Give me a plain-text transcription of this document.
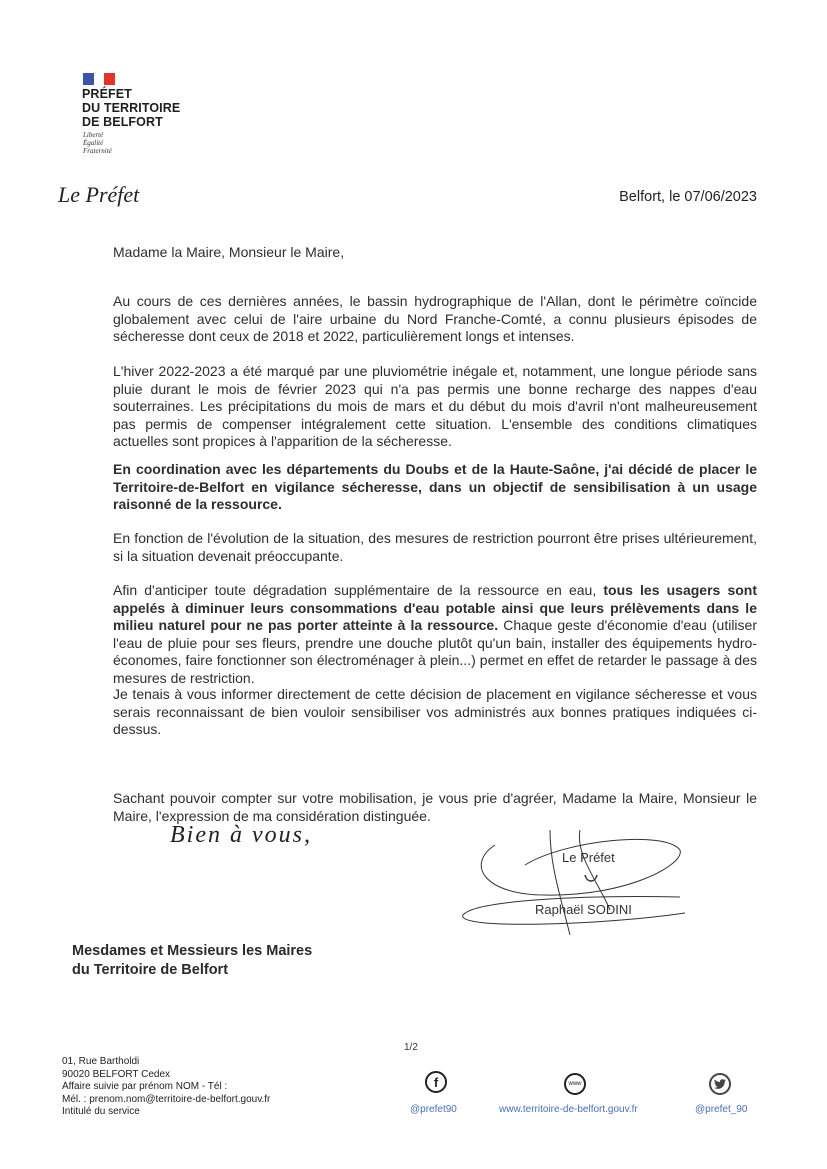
PRÉFET
DU TERRITOIRE
DE BELFORT
Liberté
Égalité
Fraternité
Le Préfet	Belfort, le 07/06/2023
Madame la Maire, Monsieur le Maire,
Au cours de ces dernières années, le bassin hydrographique de l'Allan, dont le périmètre coïncide globalement avec celui de l'aire urbaine du Nord Franche-Comté, a connu plusieurs épisodes de sécheresse dont ceux de 2018 et 2022, particulièrement longs et intenses.
L'hiver 2022-2023 a été marqué par une pluviométrie inégale et, notamment, une longue période sans pluie durant le mois de février 2023 qui n'a pas permis une bonne recharge des nappes d'eau souterraines. Les précipitations du mois de mars et du début du mois d'avril n'ont malheureusement pas permis de compenser intégralement cette situation. L'ensemble des conditions climatiques actuelles sont propices à l'apparition de la sécheresse.
En coordination avec les départements du Doubs et de la Haute-Saône, j'ai décidé de placer le Territoire-de-Belfort en vigilance sécheresse, dans un objectif de sensibilisation à un usage raisonné de la ressource.
En fonction de l'évolution de la situation, des mesures de restriction pourront être prises ultérieurement, si la situation devenait préoccupante.
Afin d'anticiper toute dégradation supplémentaire de la ressource en eau, tous les usagers sont appelés à diminuer leurs consommations d'eau potable ainsi que leurs prélèvements dans le milieu naturel pour ne pas porter atteinte à la ressource. Chaque geste d'économie d'eau (utiliser l'eau de pluie pour ses fleurs, prendre une douche plutôt qu'un bain, installer des équipements hydro-économes, faire fonctionner son électroménager à plein...) permet en effet de retarder le passage à des mesures de restriction.
Je tenais à vous informer directement de cette décision de placement en vigilance sécheresse et vous serais reconnaissant de bien vouloir sensibiliser vos administrés aux bonnes pratiques indiquées ci-dessus.
Sachant pouvoir compter sur votre mobilisation, je vous prie d'agréer, Madame la Maire, Monsieur le Maire, l'expression de ma considération distinguée.
Bien à vous,
Le Préfet
Raphaël SODINI
Mesdames et Messieurs les Maires
du Territoire de Belfort
1/2
01, Rue Bartholdi
90020 BELFORT Cedex
Affaire suivie par prénom NOM - Tél :
Mél. : prenom.nom@territoire-de-belfort.gouv.fr
Intitulé du service
f
@prefet90
www
www.territoire-de-belfort.gouv.fr	@prefet_90
